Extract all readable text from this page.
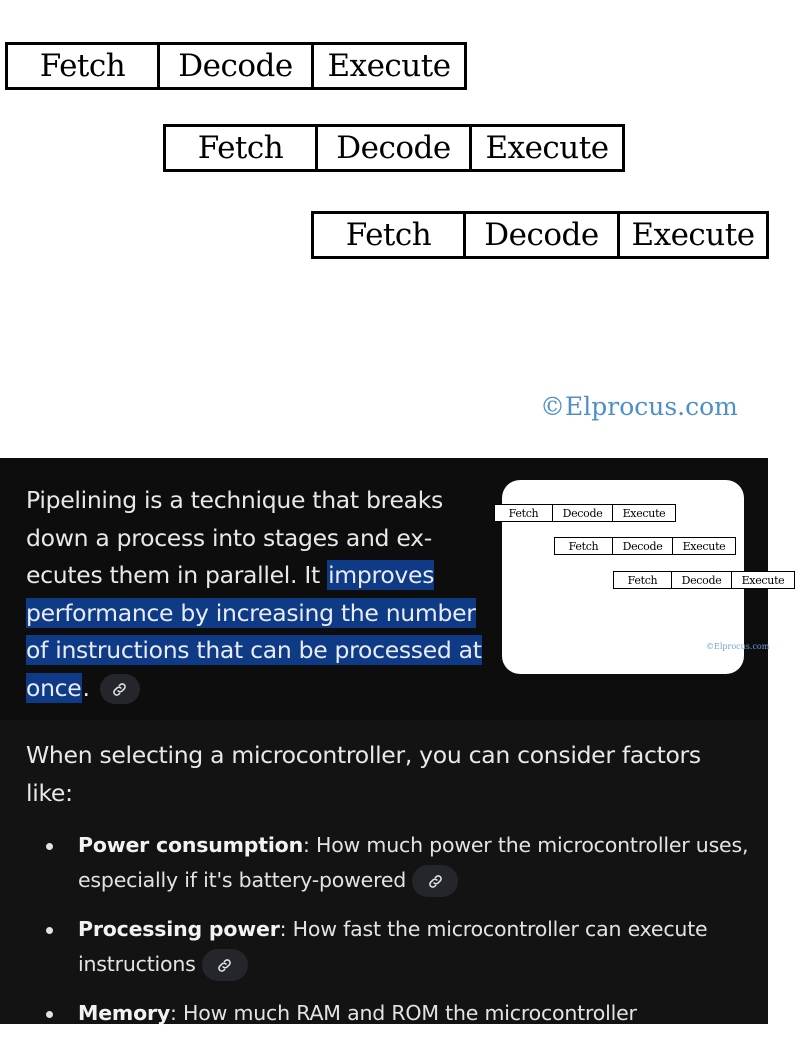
Fetch	Decode	Execute
Fetch	Decode	Execute
Fetch	Decode	Execute
©Elprocus.com

Pipelining is a technique that breaks down a process into stages and ex-ecutes them in parallel. It improves performance by increasing the number of instructions that can be processed at once.

Fetch	Decode	Execute
Fetch	Decode	Execute
Fetch	Decode	Execute
©Elprocus.com

When selecting a microcontroller, you can consider factors like:

Power consumption: How much power the microcontroller uses, especially if it's battery-powered
Processing power: How fast the microcontroller can execute instructions
Memory: How much RAM and ROM the microcontroller
